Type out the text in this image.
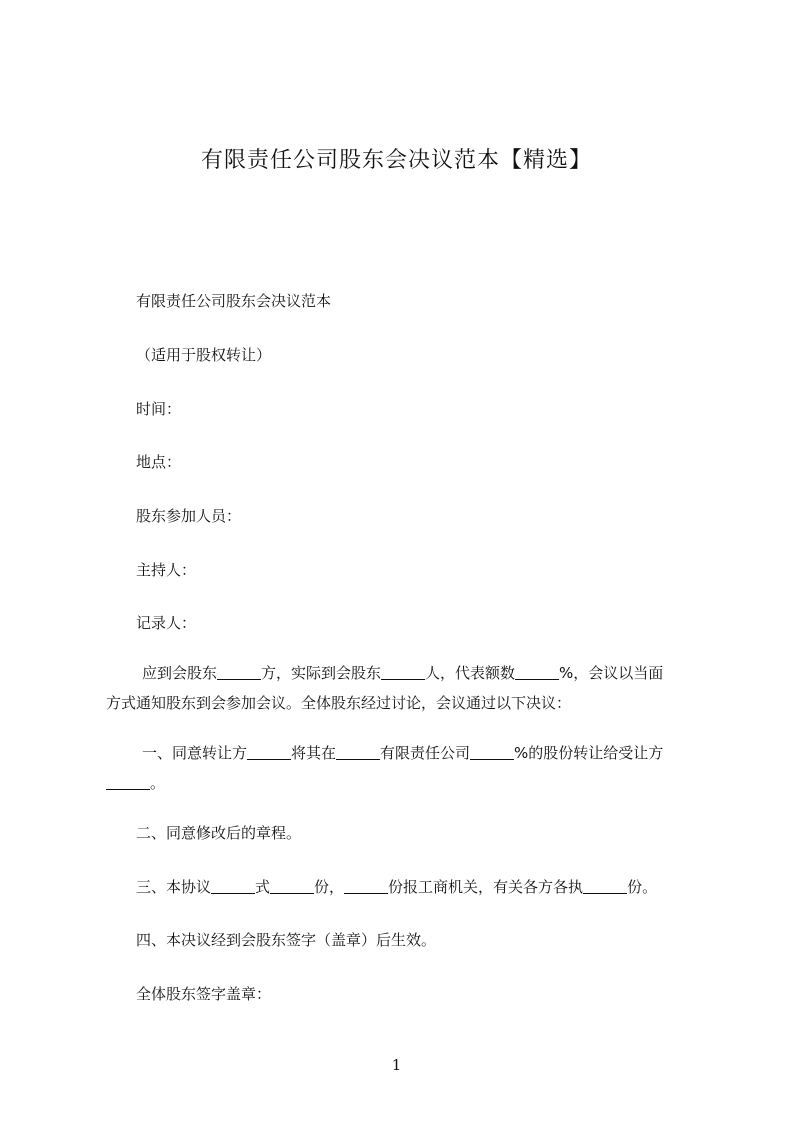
有限责任公司股东会决议范本【精选】
有限责任公司股东会决议范本
（适用于股权转让）
时间：
地点：
股东参加人员：
主持人：
记录人：
应到会股东	方，实际到会股东	人，代表额数	%，会议以当面
方式通知股东到会参加会议。全体股东经过讨论，会议通过以下决议：
一、同意转让方	将其在	有限责任公司	%的股份转让给受让方
。
二、同意修改后的章程。
三、本协议	式	份，	份报工商机关，有关各方各执	份。
四、本决议经到会股东签字（盖章）后生效。
全体股东签字盖章：
1
